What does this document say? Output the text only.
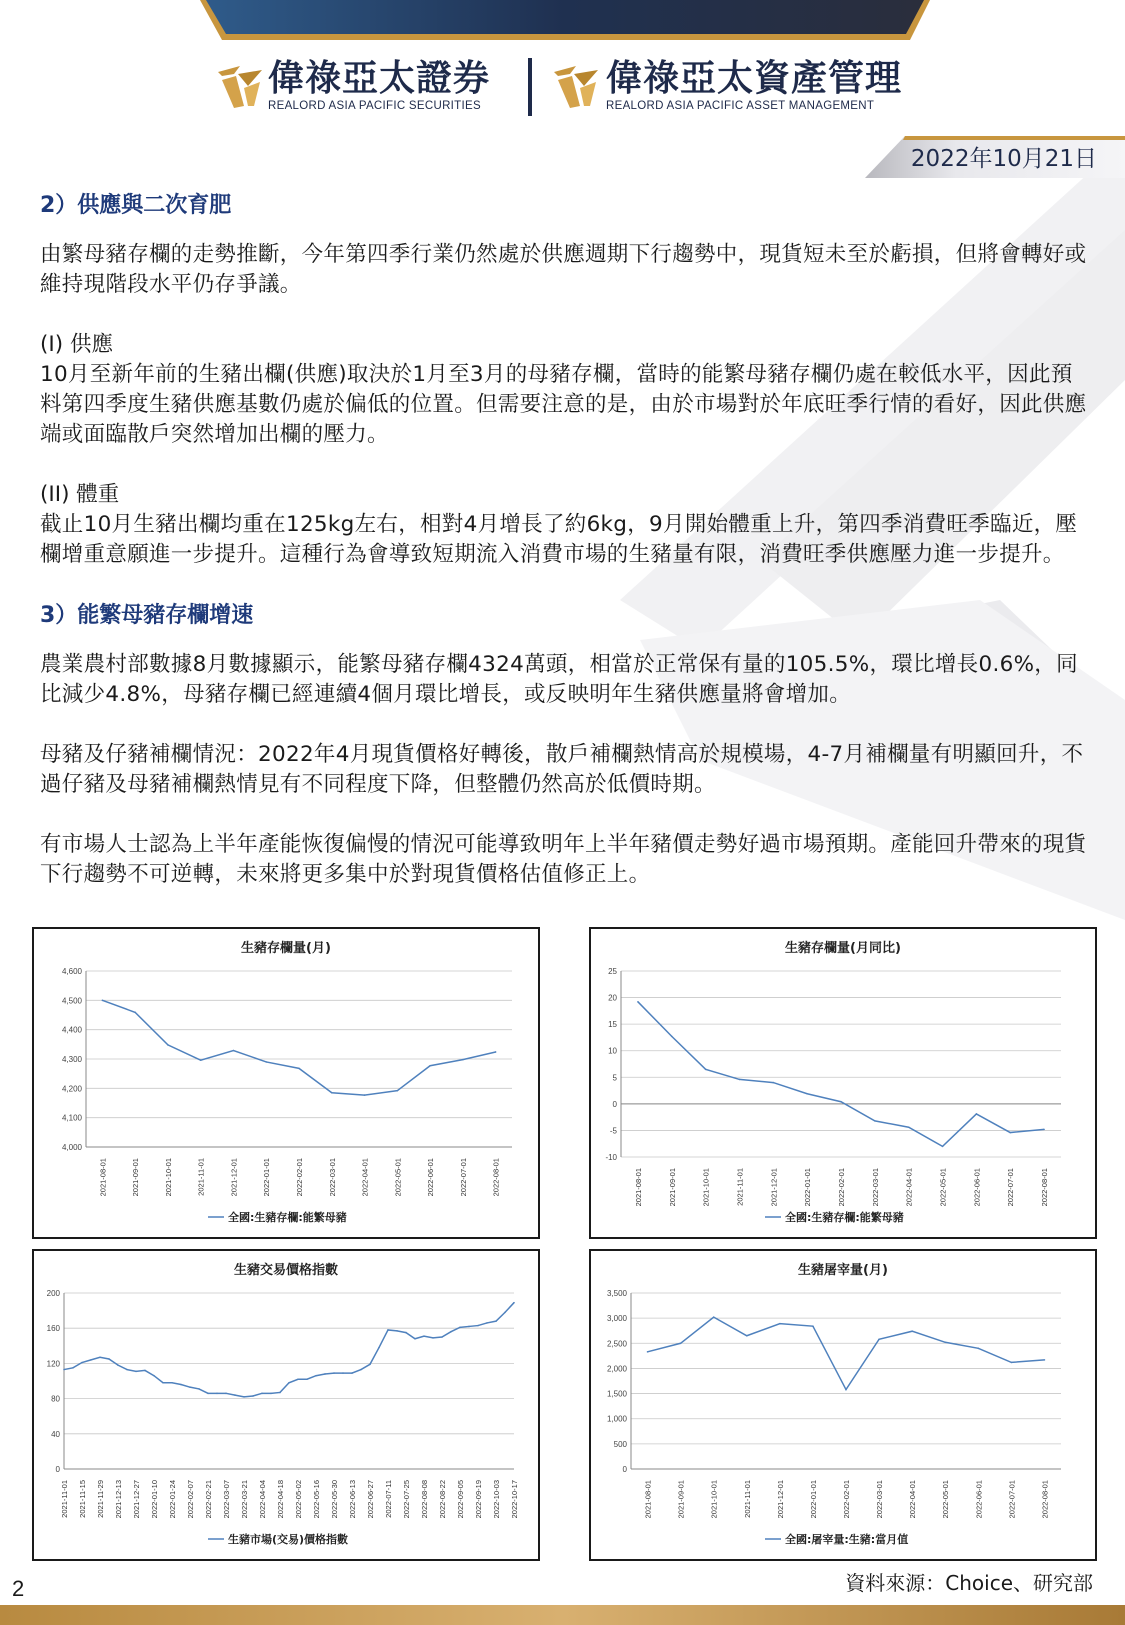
偉祿亞太證券
REALORD ASIA PACIFIC SECURITIES
偉祿亞太資產管理
REALORD ASIA PACIFIC ASSET MANAGEMENT
2022年10月21日
2）供應與二次育肥

由繁母豬存欄的走勢推斷，今年第四季行業仍然處於供應週期下行趨勢中，現貨短未至於虧損，但將會轉好或維持現階段水平仍存爭議。

(I) 供應

10月至新年前的生豬出欄(供應)取決於1月至3月的母豬存欄，當時的能繁母豬存欄仍處在較低水平，因此預料第四季度生豬供應基數仍處於偏低的位置。但需要注意的是，由於市場對於年底旺季行情的看好，因此供應端或面臨散戶突然增加出欄的壓力。

(II) 體重

截止10月生豬出欄均重在125kg左右，相對4月增長了約6kg，9月開始體重上升，第四季消費旺季臨近，壓欄增重意願進一步提升。這種行為會導致短期流入消費市場的生豬量有限，消費旺季供應壓力進一步提升。

3）能繁母豬存欄增速

農業農村部數據8月數據顯示，能繁母豬存欄4324萬頭，相當於正常保有量的105.5%，環比增長0.6%，同比減少4.8%，母豬存欄已經連續4個月環比增長，或反映明年生豬供應量將會增加。

母豬及仔豬補欄情況：2022年4月現貨價格好轉後，散戶補欄熱情高於規模場，4-7月補欄量有明顯回升，不過仔豬及母豬補欄熱情見有不同程度下降，但整體仍然高於低價時期。

有市場人士認為上半年產能恢復偏慢的情況可能導致明年上半年豬價走勢好過市場預期。產能回升帶來的現貨下行趨勢不可逆轉，未來將更多集中於對現貨價格估值修正上。

生豬存欄量(月)
4,000
4,100
4,200
4,300
4,400
4,500
4,600
2021-08-01	2021-09-01	2021-10-01	2021-11-01	2021-12-01	2022-01-01	2022-02-01	2022-03-01	2022-04-01	2022-05-01	2022-06-01	2022-07-01	2022-08-01
全國:生豬存欄:能繁母豬
生豬存欄量(月同比)
-10
-5
0
5
10
15
20
25
2021-08-01	2021-09-01	2021-10-01	2021-11-01	2021-12-01	2022-01-01	2022-02-01	2022-03-01	2022-04-01	2022-05-01	2022-06-01	2022-07-01	2022-08-01
全國:生豬存欄:能繁母豬
生豬交易價格指數
0
40
80
120
160
200
2021-11-01 2021-11-15 2021-11-29 2021-12-13 2021-12-27 2022-01-10 2022-01-24 2022-02-07 2022-02-21 2022-03-07 2022-03-21 2022-04-04 2022-04-18 2022-05-02 2022-05-16 2022-05-30 2022-06-13 2022-06-27 2022-07-11 2022-07-25 2022-08-08 2022-08-22 2022-09-05 2022-09-19 2022-10-03 2022-10-17
生豬市場(交易)價格指數
生豬屠宰量(月)
0
500
1,000
1,500
2,000
2,500
3,000
3,500
2021-08-01	2021-09-01	2021-10-01	2021-11-01	2021-12-01	2022-01-01	2022-02-01	2022-03-01	2022-04-01	2022-05-01	2022-06-01	2022-07-01	2022-08-01
全國:屠宰量:生豬:當月值
2	資料來源：Choice、研究部
